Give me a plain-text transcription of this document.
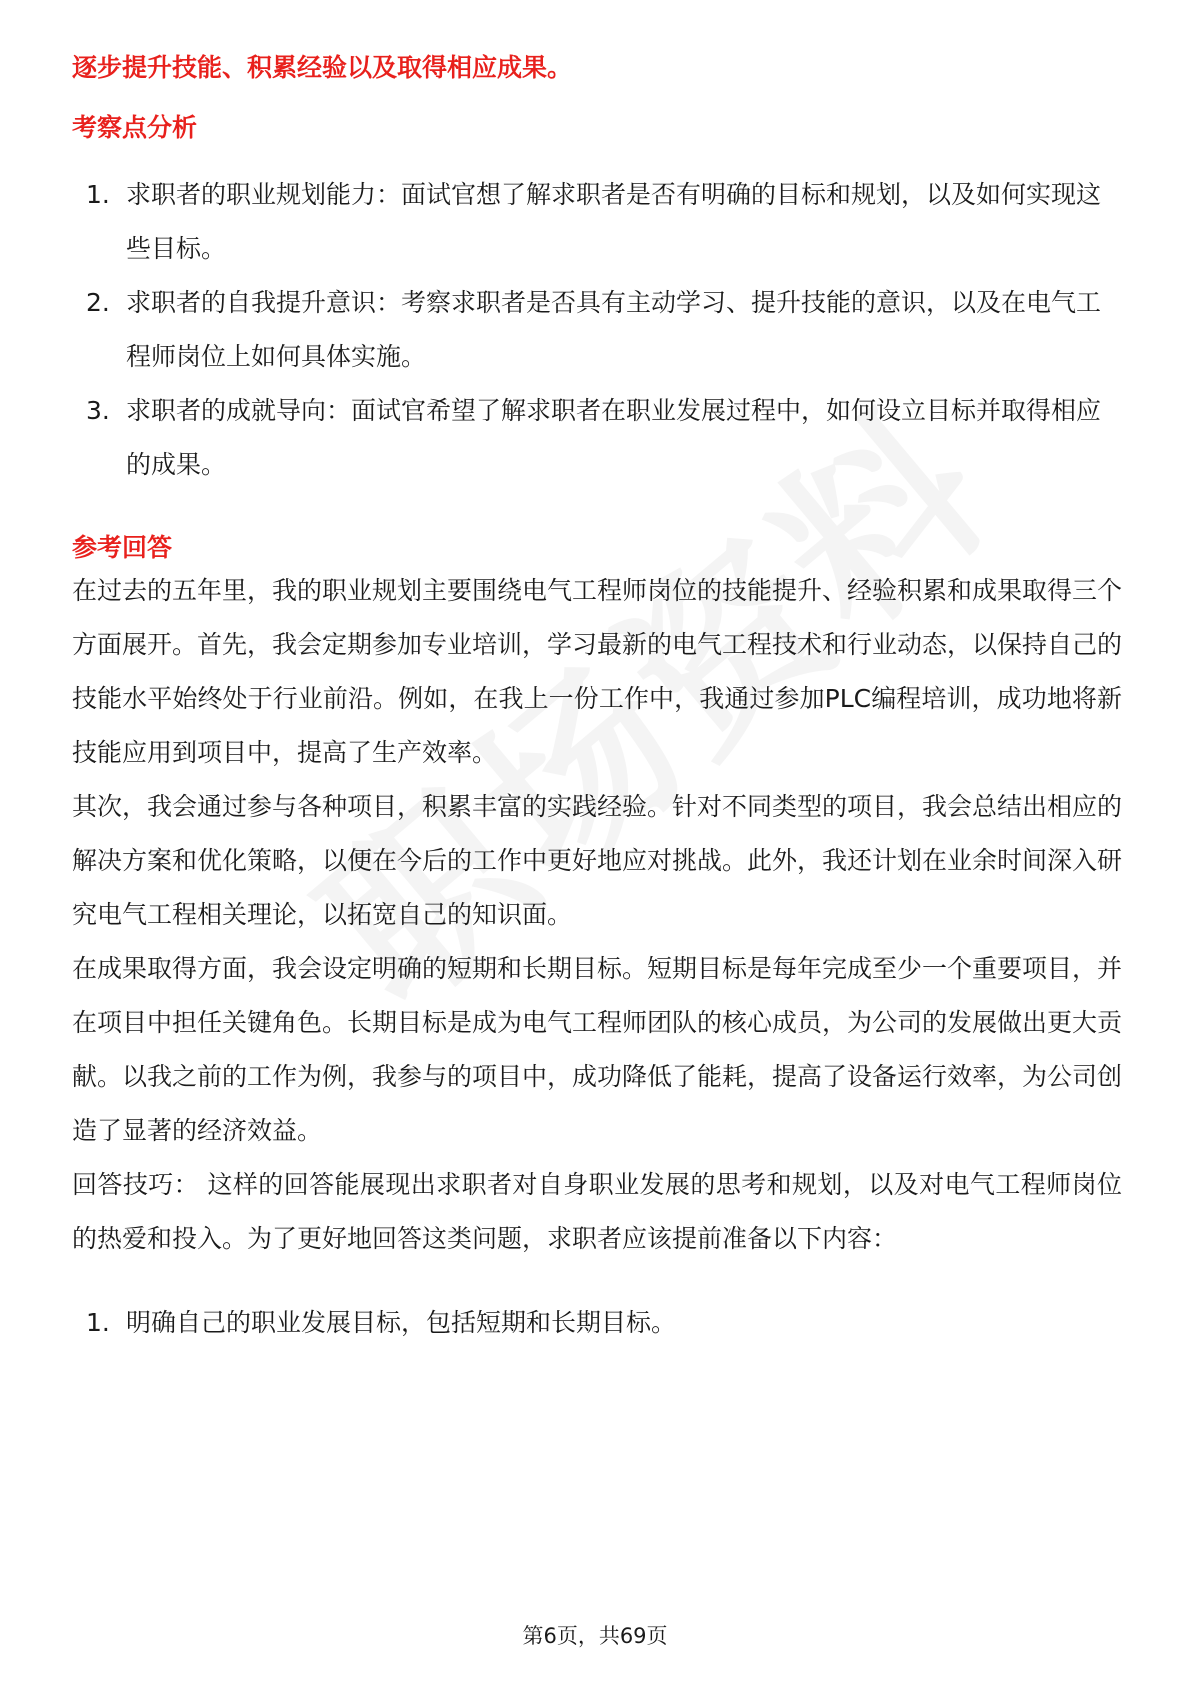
逐步提升技能、积累经验以及取得相应成果。

考察点分析
1. 求职者的职业规划能力：面试官想了解求职者是否有明确的目标和规划，以及如何实现这些目标。
2. 求职者的自我提升意识：考察求职者是否具有主动学习、提升技能的意识，以及在电气工程师岗位上如何具体实施。
3. 求职者的成就导向：面试官希望了解求职者在职业发展过程中，如何设立目标并取得相应的成果。
参考回答

在过去的五年里，我的职业规划主要围绕电气工程师岗位的技能提升、经验积累和成果取得三个方面展开。首先，我会定期参加专业培训，学习最新的电气工程技术和行业动态，以保持自己的技能水平始终处于行业前沿。例如，在我上一份工作中，我通过参加PLC编程培训，成功地将新技能应用到项目中，提高了生产效率。

其次，我会通过参与各种项目，积累丰富的实践经验。针对不同类型的项目，我会总结出相应的解决方案和优化策略，以便在今后的工作中更好地应对挑战。此外，我还计划在业余时间深入研究电气工程相关理论，以拓宽自己的知识面。

在成果取得方面，我会设定明确的短期和长期目标。短期目标是每年完成至少一个重要项目，并在项目中担任关键角色。长期目标是成为电气工程师团队的核心成员，为公司的发展做出更大贡献。以我之前的工作为例，我参与的项目中，成功降低了能耗，提高了设备运行效率，为公司创造了显著的经济效益。

回答技巧： 这样的回答能展现出求职者对自身职业发展的思考和规划，以及对电气工程师岗位的热爱和投入。为了更好地回答这类问题，求职者应该提前准备以下内容：

1. 明确自己的职业发展目标，包括短期和长期目标。
第6页，共69页
